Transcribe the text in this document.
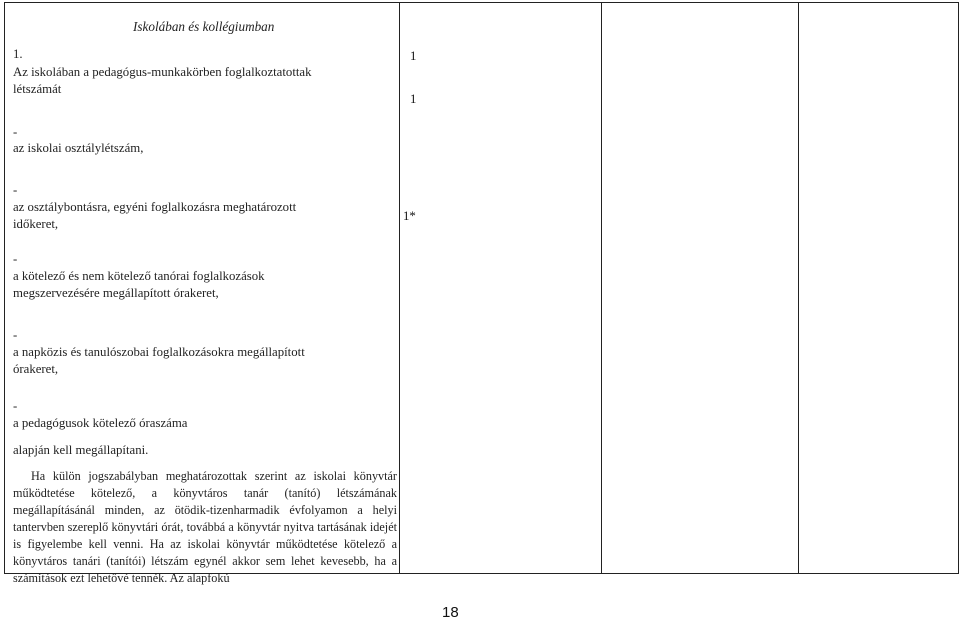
Iskolában és kollégiumban

1.

Az iskolában a pedagógus-munkakörben foglalkoztatottak

létszámát

-

az iskolai osztálylétszám,

-

az osztálybontásra, egyéni foglalkozásra meghatározott

időkeret,

-

a kötelező és nem kötelező tanórai foglalkozások

megszervezésére megállapított órakeret,

-

a napközis és tanulószobai foglalkozásokra megállapított

órakeret,

-

a pedagógusok kötelező óraszáma

alapján kell megállapítani.

Ha külön jogszabályban meghatározottak szerint az iskolai könyvtár működtetése kötelező, a könyvtáros tanár (tanító) létszámának megállapításánál minden, az ötödik-tizenharmadik évfolyamon a helyi tantervben szereplő könyvtári órát, továbbá a könyvtár nyitva tartásának idejét is figyelembe kell venni. Ha az iskolai könyvtár működtetése kötelező a könyvtáros tanári (tanítói) létszám egynél akkor sem lehet kevesebb, ha a számítások ezt lehetővé tennék. Az alapfokú

1
1
1*
18
